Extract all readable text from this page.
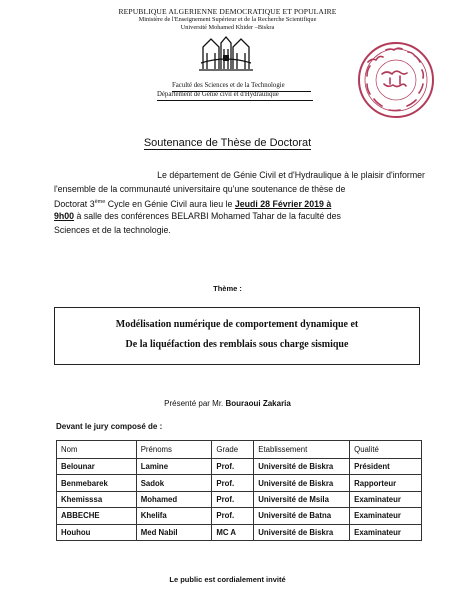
REPUBLIQUE ALGERIENNE DEMOCRATIQUE ET POPULAIRE
Ministère de l'Enseignement Supérieur et de la Recherche Scientifique
Université Mohamed Khider –Biskra
Faculté des Sciences et de la Technologie
Département de Génie civil et d'Hydraulique
Soutenance de Thèse de Doctorat
Le département de Génie Civil et d'Hydraulique à le plaisir d'informer
l'ensemble de la communauté universitaire qu'une soutenance de thèse de
Doctorat 3ème Cycle en Génie Civil aura lieu le Jeudi 28 Février 2019 à
9h00 à salle des conférences BELARBI Mohamed Tahar de la faculté des
Sciences et de la technologie.
Thème :
Modélisation numérique de comportement dynamique et
De la liquéfaction des remblais sous charge sismique
Présenté par Mr. Bouraoui Zakaria
Devant le jury composé de :
Nom	Prénoms	Grade	Etablissement	Qualité
Belounar	Lamine	Prof.	Université de Biskra	Président
Benmebarek	Sadok	Prof.	Université de Biskra	Rapporteur
Khemisssa	Mohamed	Prof.	Université de Msila	Examinateur
ABBECHE	Khelifa	Prof.	Université de Batna	Examinateur
Houhou	Med Nabil	MC A	Université de Biskra	Examinateur
Le public est cordialement invité
